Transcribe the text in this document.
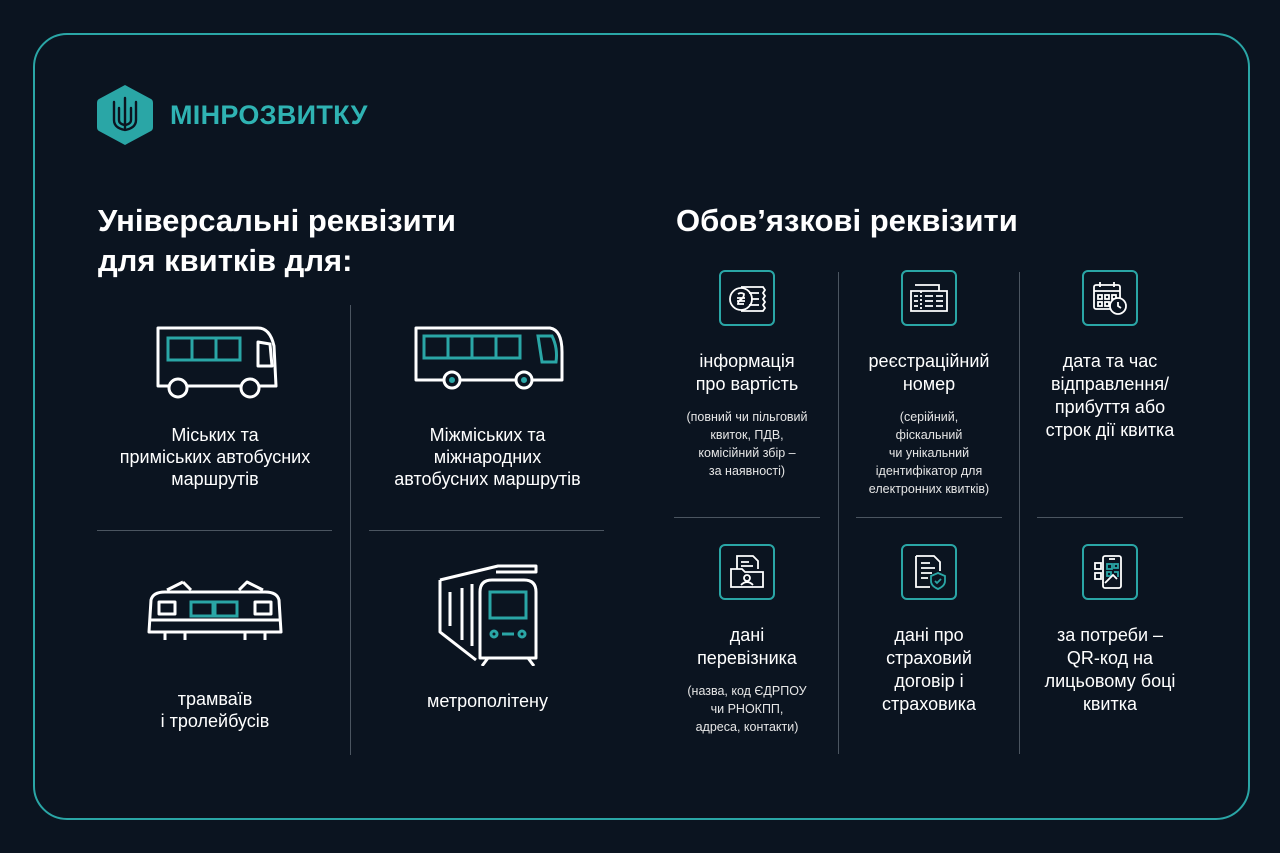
МІНРОЗВИТКУ
Універсальні реквізити
для квитків для:
Обов’язкові реквізити
Міських та
приміських автобусних
маршрутів
Міжміських та
міжнародних
автобусних маршрутів
трамваїв
і тролейбусів
метрополітену
інформація
про вартість
(повний чи пільговий
квиток, ПДВ,
комісійний збір –
за наявності)
реєстраційний
номер
(серійний,
фіскальний
чи унікальний
ідентифікатор для
електронних квитків)
дата та час
відправлення/
прибуття або
строк дії квитка
дані
перевізника
(назва, код ЄДРПОУ
чи РНОКПП,
адреса, контакти)
дані про
страховий
договір і
страховика
за потреби –
QR-код на
лицьовому боці
квитка
